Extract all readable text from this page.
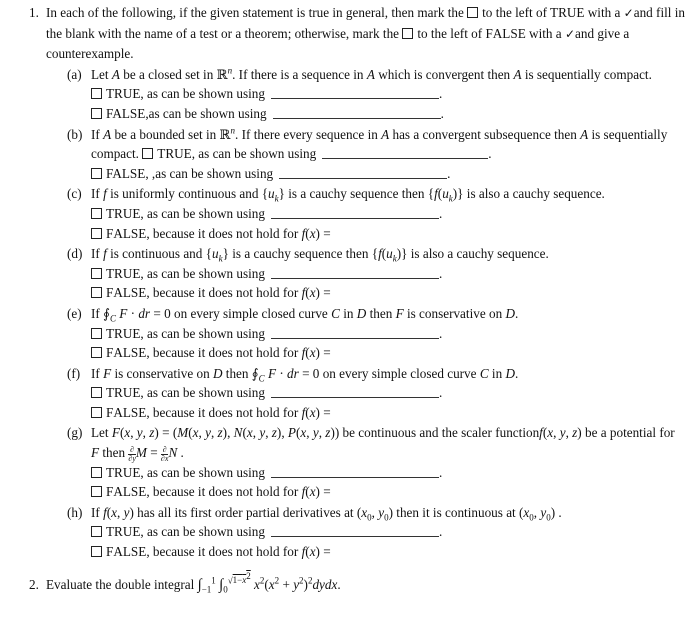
1. In each of the following, if the given statement is true in general, then mark the to the left of TRUE with a ✓and fill in the blank with the name of a test or a theorem; otherwise, mark the to the left of FALSE with a ✓and give a counterexample.
(a) Let A be a closed set in ℝ$^n$. If there is a sequence in A which is convergent then A is sequentially compact.
TRUE, as can be shown using	.
FALSE,as can be shown using	.
(b) If A be a bounded set in ℝ$^n$. If there every sequence in A has a convergent subsequence then A is sequentially compact. TRUE, as can be shown using	.
FALSE, ,as can be shown using	.
(c) If f is uniformly continuous and $\{u_k\}$ is a cauchy sequence then $\{f(u_k)\}$ is also a cauchy sequence.
TRUE, as can be shown using	.
FALSE, because it does not hold for f(x) =
(d) If f is continuous and $\{u_k\}$ is a cauchy sequence then $\{f(u_k)\}$ is also a cauchy sequence.
TRUE, as can be shown using	.
FALSE, because it does not hold for f(x) =
(e) If $∮_C$ F · dr = 0 on every simple closed curve C in D then F is conservative on D.
TRUE, as can be shown using	.
FALSE, because it does not hold for f(x) =
(f) If F is conservative on D then $∮_C$ F · dr = 0 on every simple closed curve C in D.
TRUE, as can be shown using	.
FALSE, because it does not hold for f(x) =
(g) Let F(x, y, z) = (M(x, y, z), N(x, y, z), P(x, y, z)) be continuous and the scaler functionf(x, y, z) be a potential for F then $\frac{\partial}{\partial y}$ $M = \frac{\partial}{\partial x}$ N .
TRUE, as can be shown using	.
FALSE, because it does not hold for f(x) =
(h) If f(x, y) has all its first order partial derivatives at ($x_0$, $y_0$) then it is continuous at ($x_0$, $y_0$) .
TRUE, as can be shown using	.
FALSE, because it does not hold for f(x) =
2. Evaluate the double integral $\int_{-1}^1$ $\int_0^{√1-x^2}$ $x^2(x^2$ + $y^2)^2dydx$.
